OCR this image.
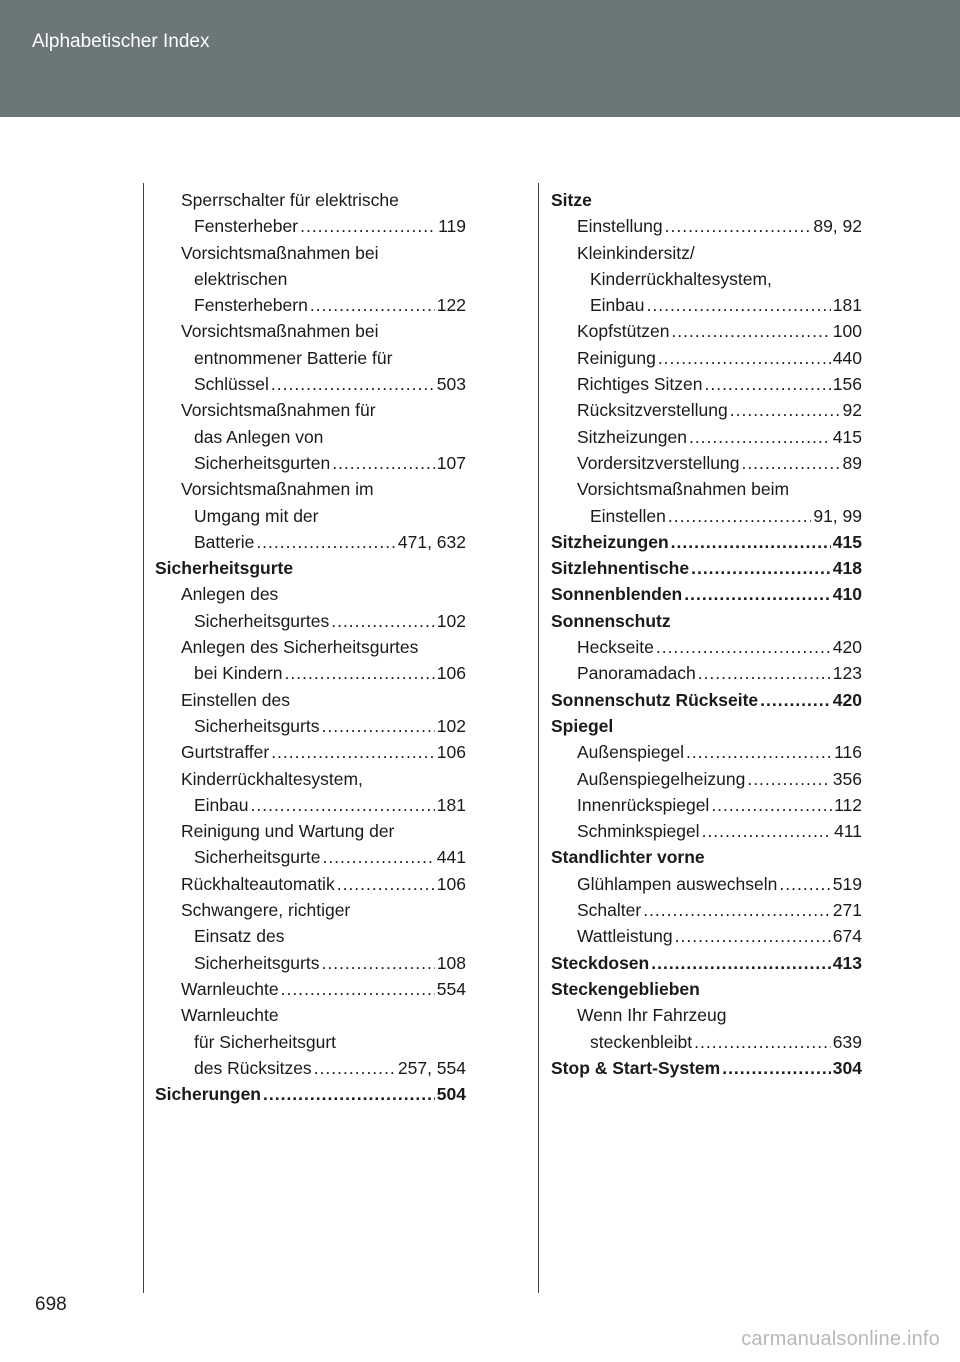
Alphabetischer Index
Sperrschalter für elektrische
Fensterheber .....	119
Vorsichtsmaßnahmen bei
elektrischen
Fensterhebern .....	122
Vorsichtsmaßnahmen bei
entnommener Batterie für
Schlüssel .....	503
Vorsichtsmaßnahmen für
das Anlegen von
Sicherheitsgurten .....	107
Vorsichtsmaßnahmen im
Umgang mit der
Batterie .....	471, 632
Sicherheitsgurte
Anlegen des
Sicherheitsgurtes .....	102
Anlegen des Sicherheitsgurtes
bei Kindern .....	106
Einstellen des
Sicherheitsgurts .....	102
Gurtstraffer .....	106
Kinderrückhaltesystem,
Einbau .....	181
Reinigung und Wartung der
Sicherheitsgurte .....	441
Rückhalteautomatik .....	106
Schwangere, richtiger
Einsatz des
Sicherheitsgurts .....	108
Warnleuchte .....	554
Warnleuchte
für Sicherheitsgurt
des Rücksitzes .....	257, 554
Sicherungen .....	504
Sitze
Einstellung .....	89, 92
Kleinkindersitz/
Kinderrückhaltesystem,
Einbau .....	181
Kopfstützen .....	100
Reinigung .....	440
Richtiges Sitzen .....	156
Rücksitzverstellung .....	92
Sitzheizungen .....	415
Vordersitzverstellung .....	89
Vorsichtsmaßnahmen beim
Einstellen .....	91, 99
Sitzheizungen .....	415
Sitzlehnentische .....	418
Sonnenblenden .....	410
Sonnenschutz
Heckseite .....	420
Panoramadach .....	123
Sonnenschutz Rückseite .....	420
Spiegel
Außenspiegel .....	116
Außenspiegelheizung .....	356
Innenrückspiegel .....	112
Schminkspiegel .....	411
Standlichter vorne
Glühlampen auswechseln .....	519
Schalter .....	271
Wattleistung .....	674
Steckdosen .....	413
Steckengeblieben
Wenn Ihr Fahrzeug
steckenbleibt .....	639
Stop & Start-System .....	304
698
carmanualsonline.info
